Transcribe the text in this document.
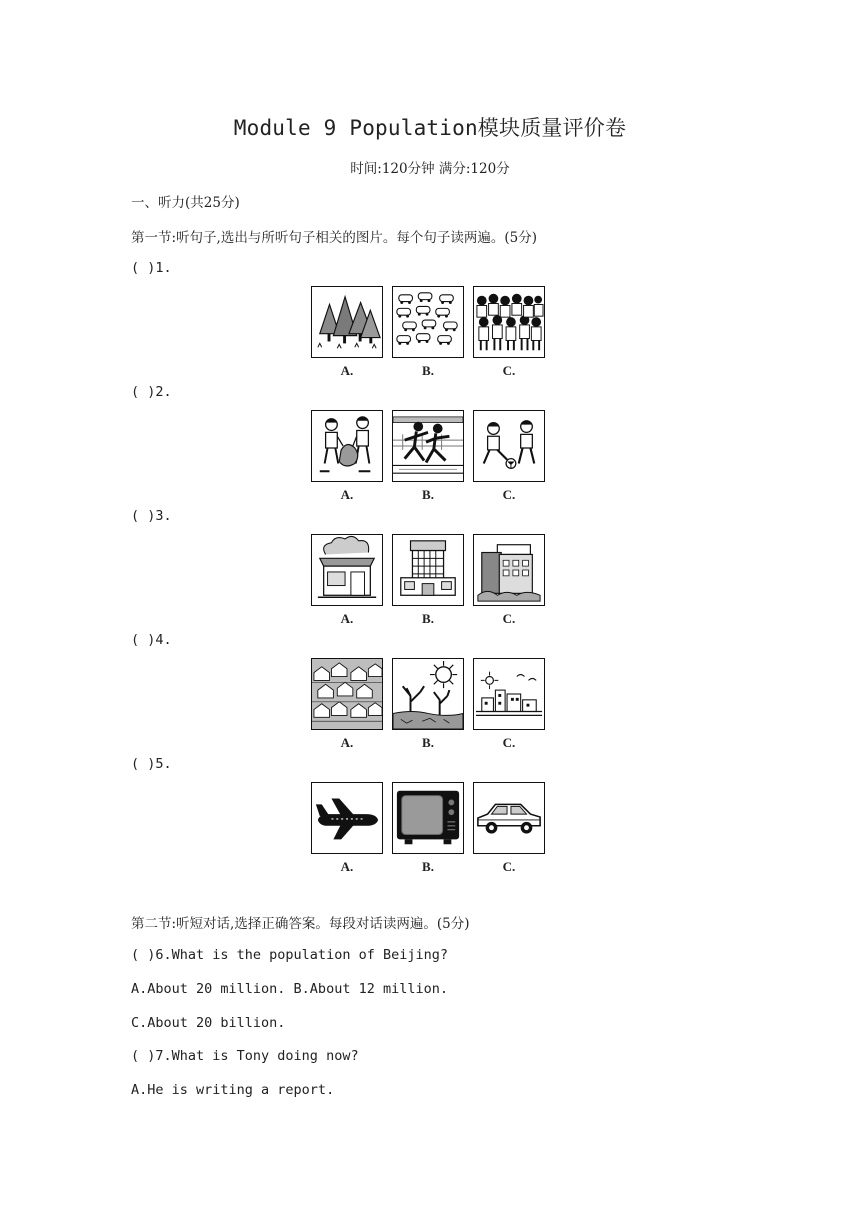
Module 9 Population模块质量评价卷
时间:120分钟 满分:120分
一、听力(共25分)
第一节:听句子,选出与所听句子相关的图片。每个句子读两遍。(5分)
( )1.
A.	B.	C.
( )2.
A.	B.	C.
( )3.
A.	B.	C.
( )4.
A.	B.	C.
( )5.
A.	B.	C.
第二节:听短对话,选择正确答案。每段对话读两遍。(5分)
( )6.What is the population of Beijing?
A.About 20 million. B.About 12 million.
C.About 20 billion.
( )7.What is Tony doing now?
A.He is writing a report.
